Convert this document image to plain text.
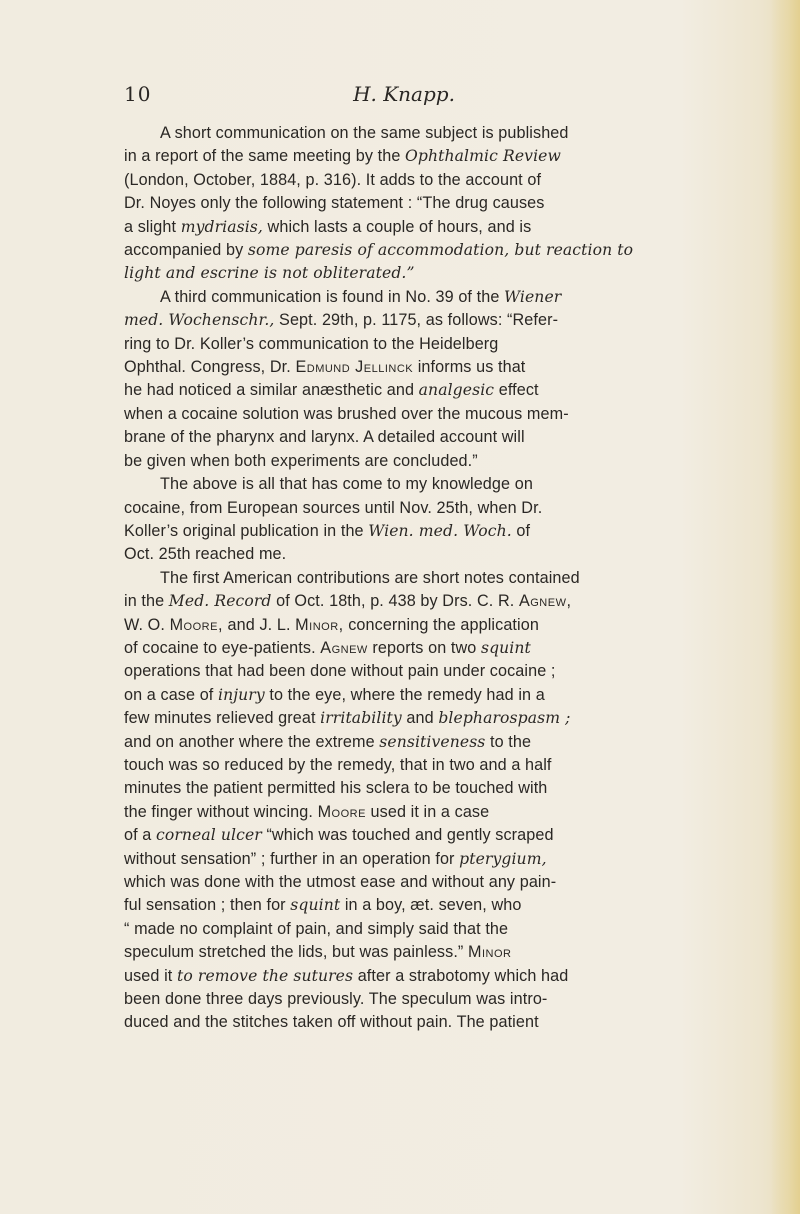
10	H. Knapp.
A short communication on the same subject is published
in a report of the same meeting by the Ophthalmic Review
(London, October, 1884, p. 316). It adds to the account of
Dr. Noyes only the following statement : “The drug causes
a slight mydriasis, which lasts a couple of hours, and is
accompanied by some paresis of accommodation, but reaction to
light and escrine is not obliterated.”
A third communication is found in No. 39 of the Wiener
med. Wochenschr., Sept. 29th, p. 1175, as follows: “Refer-
ring to Dr. Koller’s communication to the Heidelberg
Ophthal. Congress, Dr. Edmund Jellinck informs us that
he had noticed a similar anæsthetic and analgesic effect
when a cocaine solution was brushed over the mucous mem-
brane of the pharynx and larynx. A detailed account will
be given when both experiments are concluded.”
The above is all that has come to my knowledge on
cocaine, from European sources until Nov. 25th, when Dr.
Koller’s original publication in the Wien. med. Woch. of
Oct. 25th reached me.
The first American contributions are short notes contained
in the Med. Record of Oct. 18th, p. 438 by Drs. C. R. Agnew,
W. O. Moore, and J. L. Minor, concerning the application
of cocaine to eye-patients. Agnew reports on two squint
operations that had been done without pain under cocaine ;
on a case of injury to the eye, where the remedy had in a
few minutes relieved great irritability and blepharospasm ;
and on another where the extreme sensitiveness to the
touch was so reduced by the remedy, that in two and a half
minutes the patient permitted his sclera to be touched with
the finger without wincing. Moore used it in a case
of a corneal ulcer “which was touched and gently scraped
without sensation” ; further in an operation for pterygium,
which was done with the utmost ease and without any pain-
ful sensation ; then for squint in a boy, æt. seven, who
“ made no complaint of pain, and simply said that the
speculum stretched the lids, but was painless.” Minor
used it to remove the sutures after a strabotomy which had
been done three days previously. The speculum was intro-
duced and the stitches taken off without pain. The patient
